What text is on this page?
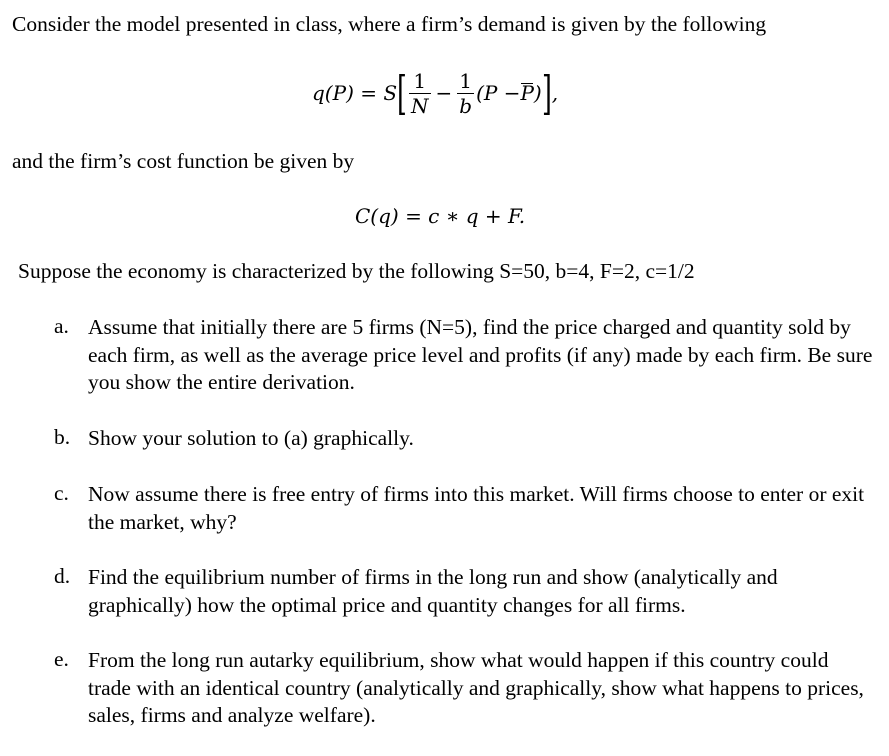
Consider the model presented in class, where a firm’s demand is given by the following
q(P) = S [ $\frac{1}{N} - \frac{1}{b} (P - P$ ) ] ,
and the firm’s cost function be given by
C(q) = c ∗ q + F.
Suppose the economy is characterized by the following S=50, b=4, F=2, c=1/2
a. Assume that initially there are 5 firms (N=5), find the price charged and quantity sold by each firm, as well as the average price level and profits (if any) made by each firm. Be sure you show the entire derivation.
b. Show your solution to (a) graphically.
c. Now assume there is free entry of firms into this market. Will firms choose to enter or exit the market, why?
d. Find the equilibrium number of firms in the long run and show (analytically and graphically) how the optimal price and quantity changes for all firms.
e. From the long run autarky equilibrium, show what would happen if this country could trade with an identical country (analytically and graphically, show what happens to prices, sales, firms and analyze welfare).
